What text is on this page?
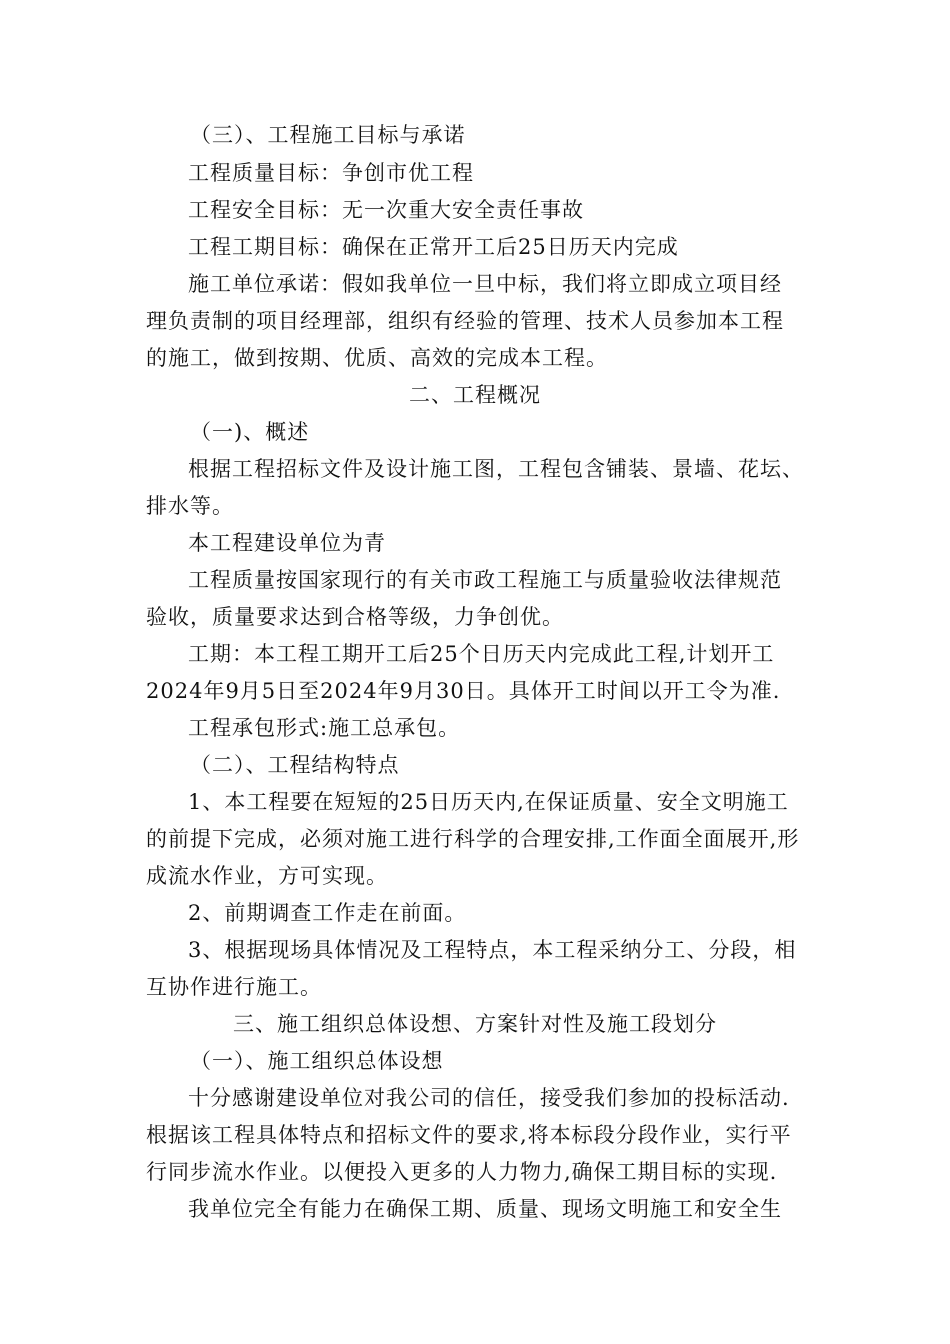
（三）、工程施工目标与承诺
工程质量目标：争创市优工程
工程安全目标：无一次重大安全责任事故
工程工期目标：确保在正常开工后25日历天内完成
施工单位承诺：假如我单位一旦中标，我们将立即成立项目经
理负责制的项目经理部，组织有经验的管理、技术人员参加本工程
的施工，做到按期、优质、高效的完成本工程。
二、工程概况
（一)、概述
根据工程招标文件及设计施工图，工程包含铺装、景墙、花坛、
排水等。
本工程建设单位为青
工程质量按国家现行的有关市政工程施工与质量验收法律规范
验收，质量要求达到合格等级，力争创优。
工期：本工程工期开工后25个日历天内完成此工程,计划开工
2024年9月5日至2024年9月30日。具体开工时间以开工令为准.
工程承包形式:施工总承包。
（二）、工程结构特点
1、本工程要在短短的25日历天内,在保证质量、安全文明施工
的前提下完成，必须对施工进行科学的合理安排,工作面全面展开,形
成流水作业，方可实现。
2、前期调查工作走在前面。
3、根据现场具体情况及工程特点，本工程采纳分工、分段，相
互协作进行施工。
三、施工组织总体设想、方案针对性及施工段划分
（一）、施工组织总体设想
十分感谢建设单位对我公司的信任，接受我们参加的投标活动.
根据该工程具体特点和招标文件的要求,将本标段分段作业，实行平
行同步流水作业。以便投入更多的人力物力,确保工期目标的实现.
我单位完全有能力在确保工期、质量、现场文明施工和安全生
